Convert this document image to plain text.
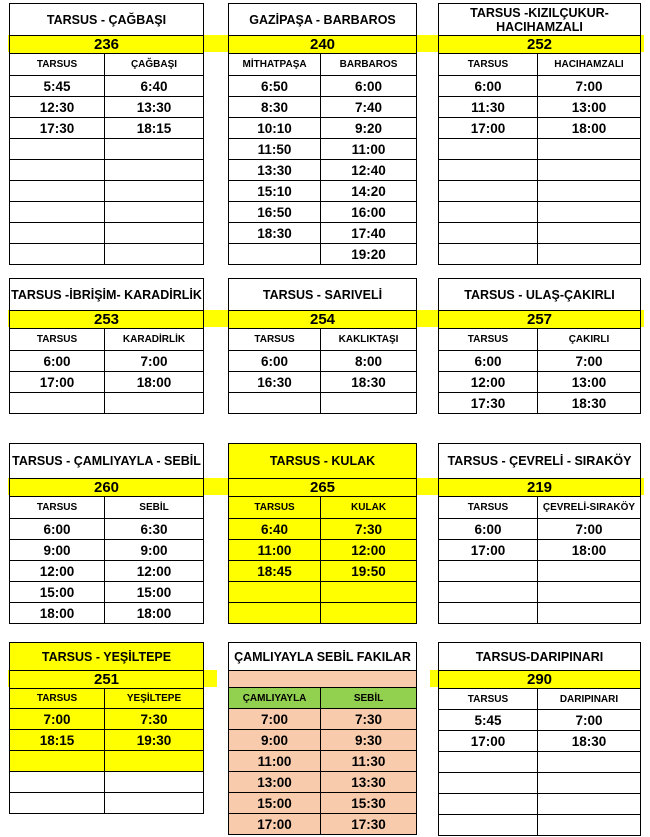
TARSUS - ÇAĞBAŞI	
236	
TARSUS	ÇAĞBAŞI
5:45	6:40
12:30	13:30
17:30	18:15

GAZİPAŞA - BARBAROS	
240	
MİTHATPAŞA	BARBAROS
6:50	6:00
8:30	7:40
10:10	9:20
11:50	11:00
13:30	12:40
15:10	14:20
16:50	16:00
18:30	17:40
	19:20
TARSUS -KIZILÇUKUR-HACIHAMZALI	
252	
TARSUS	HACIHAMZALI
6:00	7:00
11:30	13:00
17:00	18:00

TARSUS -İBRİŞİM- KARADİRLİK	
253	
TARSUS	KARADİRLİK
6:00	7:00
17:00	18:00

TARSUS - SARIVELİ	
254	
TARSUS	KAKLIKTAŞI
6:00	8:00
16:30	18:30

TARSUS - ULAŞ-ÇAKIRLI	
257	
TARSUS	ÇAKIRLI
6:00	7:00
12:00	13:00
17:30	18:30
TARSUS - ÇAMLIYAYLA - SEBİL	
260	
TARSUS	SEBİL
6:00	6:30
9:00	9:00
12:00	12:00
15:00	15:00
18:00	18:00
TARSUS - KULAK	
265	
TARSUS	KULAK
6:40	7:30
11:00	12:00
18:45	19:50

TARSUS - ÇEVRELİ - SIRAKÖY	
219	
TARSUS	ÇEVRELİ-SIRAKÖY
6:00	7:00
17:00	18:00

TARSUS - YEŞİLTEPE	
251	
TARSUS	YEŞİLTEPE
7:00	7:30
18:15	19:30

ÇAMLIYAYLA SEBİL FAKILAR	

ÇAMLIYAYLA	SEBİL
7:00	7:30
9:00	9:30
11:00	11:30
13:00	13:30
15:00	15:30
17:00	17:30
TARSUS-DARIPINARI	
290	
TARSUS	DARIPINARI
5:45	7:00
17:00	18:30
